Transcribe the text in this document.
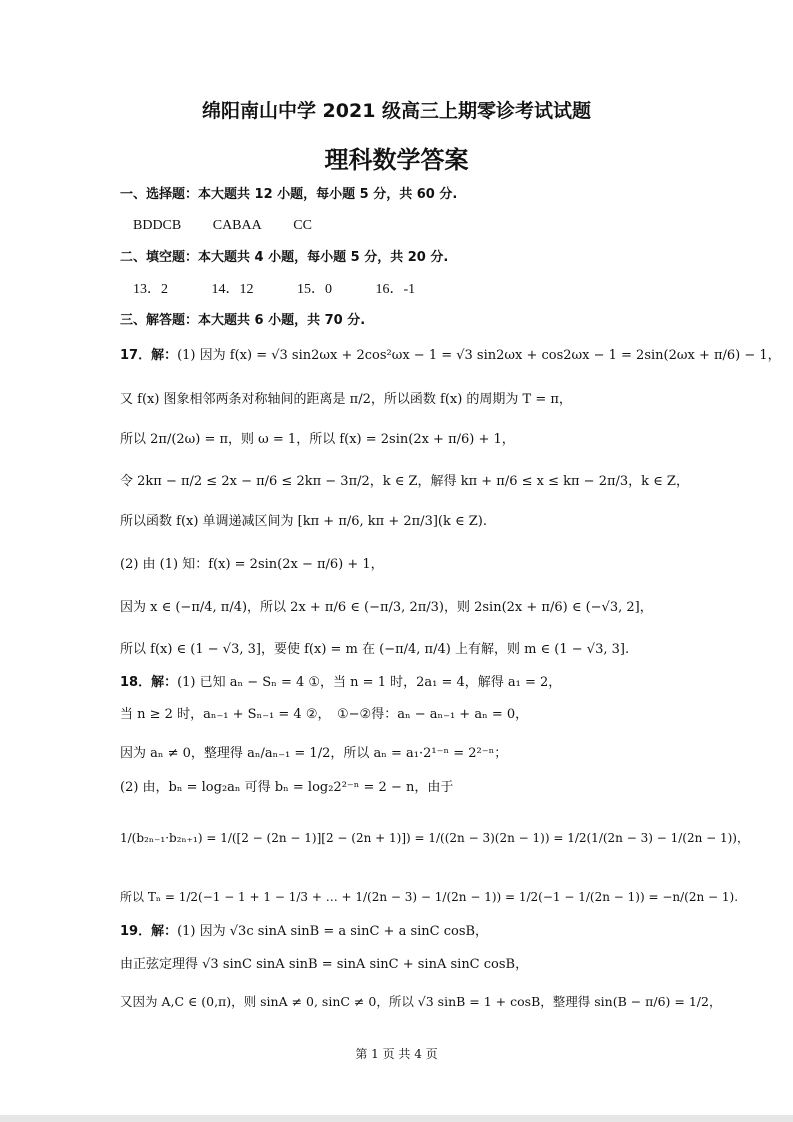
绵阳南山中学 2021 级高三上期零诊考试试题
理科数学答案
一、选择题：本大题共 12 小题，每小题 5 分，共 60 分.
BDDCB CABAA CC
二、填空题：本大题共 4 小题，每小题 5 分，共 20 分.
13．2	14．12	15．0	16．-1
三、解答题：本大题共 6 小题，共 70 分.
17．解：(1) 因为 f(x) = √3 sin2ωx + 2cos²ωx − 1 = √3 sin2ωx + cos2ωx − 1 = 2sin(2ωx + π/6) − 1，
又 f(x) 图象相邻两条对称轴间的距离是 π/2，所以函数 f(x) 的周期为 T = π，
所以 2π/(2ω) = π，则 ω = 1，所以 f(x) = 2sin(2x + π/6) + 1，
令 2kπ − π/2 ≤ 2x − π/6 ≤ 2kπ − 3π/2，k ∈ Z，解得 kπ + π/6 ≤ x ≤ kπ − 2π/3，k ∈ Z，
所以函数 f(x) 单调递减区间为 [kπ + π/6, kπ + 2π/3](k ∈ Z).
(2) 由 (1) 知：f(x) = 2sin(2x − π/6) + 1，
因为 x ∈ (−π/4, π/4)，所以 2x + π/6 ∈ (−π/3, 2π/3)，则 2sin(2x + π/6) ∈ (−√3, 2]，
所以 f(x) ∈ (1 − √3, 3]，要使 f(x) = m 在 (−π/4, π/4) 上有解，则 m ∈ (1 − √3, 3].
18．解：(1) 已知 aₙ − Sₙ = 4 ①，当 n = 1 时，2a₁ = 4，解得 a₁ = 2，
当 n ≥ 2 时，aₙ₋₁ + Sₙ₋₁ = 4 ②，　①−②得：aₙ − aₙ₋₁ + aₙ = 0，
因为 aₙ ≠ 0，整理得 aₙ/aₙ₋₁ = 1/2，所以 aₙ = a₁·2¹⁻ⁿ = 2²⁻ⁿ；
(2) 由，bₙ = log₂aₙ 可得 bₙ = log₂2²⁻ⁿ = 2 − n，由于
1/(b₂ₙ₋₁·b₂ₙ₊₁) = 1/([2 − (2n − 1)][2 − (2n + 1)]) = 1/((2n − 3)(2n − 1)) = 1/2(1/(2n − 3) − 1/(2n − 1))，
所以 Tₙ = 1/2(−1 − 1 + 1 − 1/3 + … + 1/(2n − 3) − 1/(2n − 1)) = 1/2(−1 − 1/(2n − 1)) = −n/(2n − 1).
19．解：(1) 因为 √3c sinA sinB = a sinC + a sinC cosB，
由正弦定理得 √3 sinC sinA sinB = sinA sinC + sinA sinC cosB，
又因为 A,C ∈ (0,π)，则 sinA ≠ 0, sinC ≠ 0，所以 √3 sinB = 1 + cosB，整理得 sin(B − π/6) = 1/2，
第 1 页 共 4 页
